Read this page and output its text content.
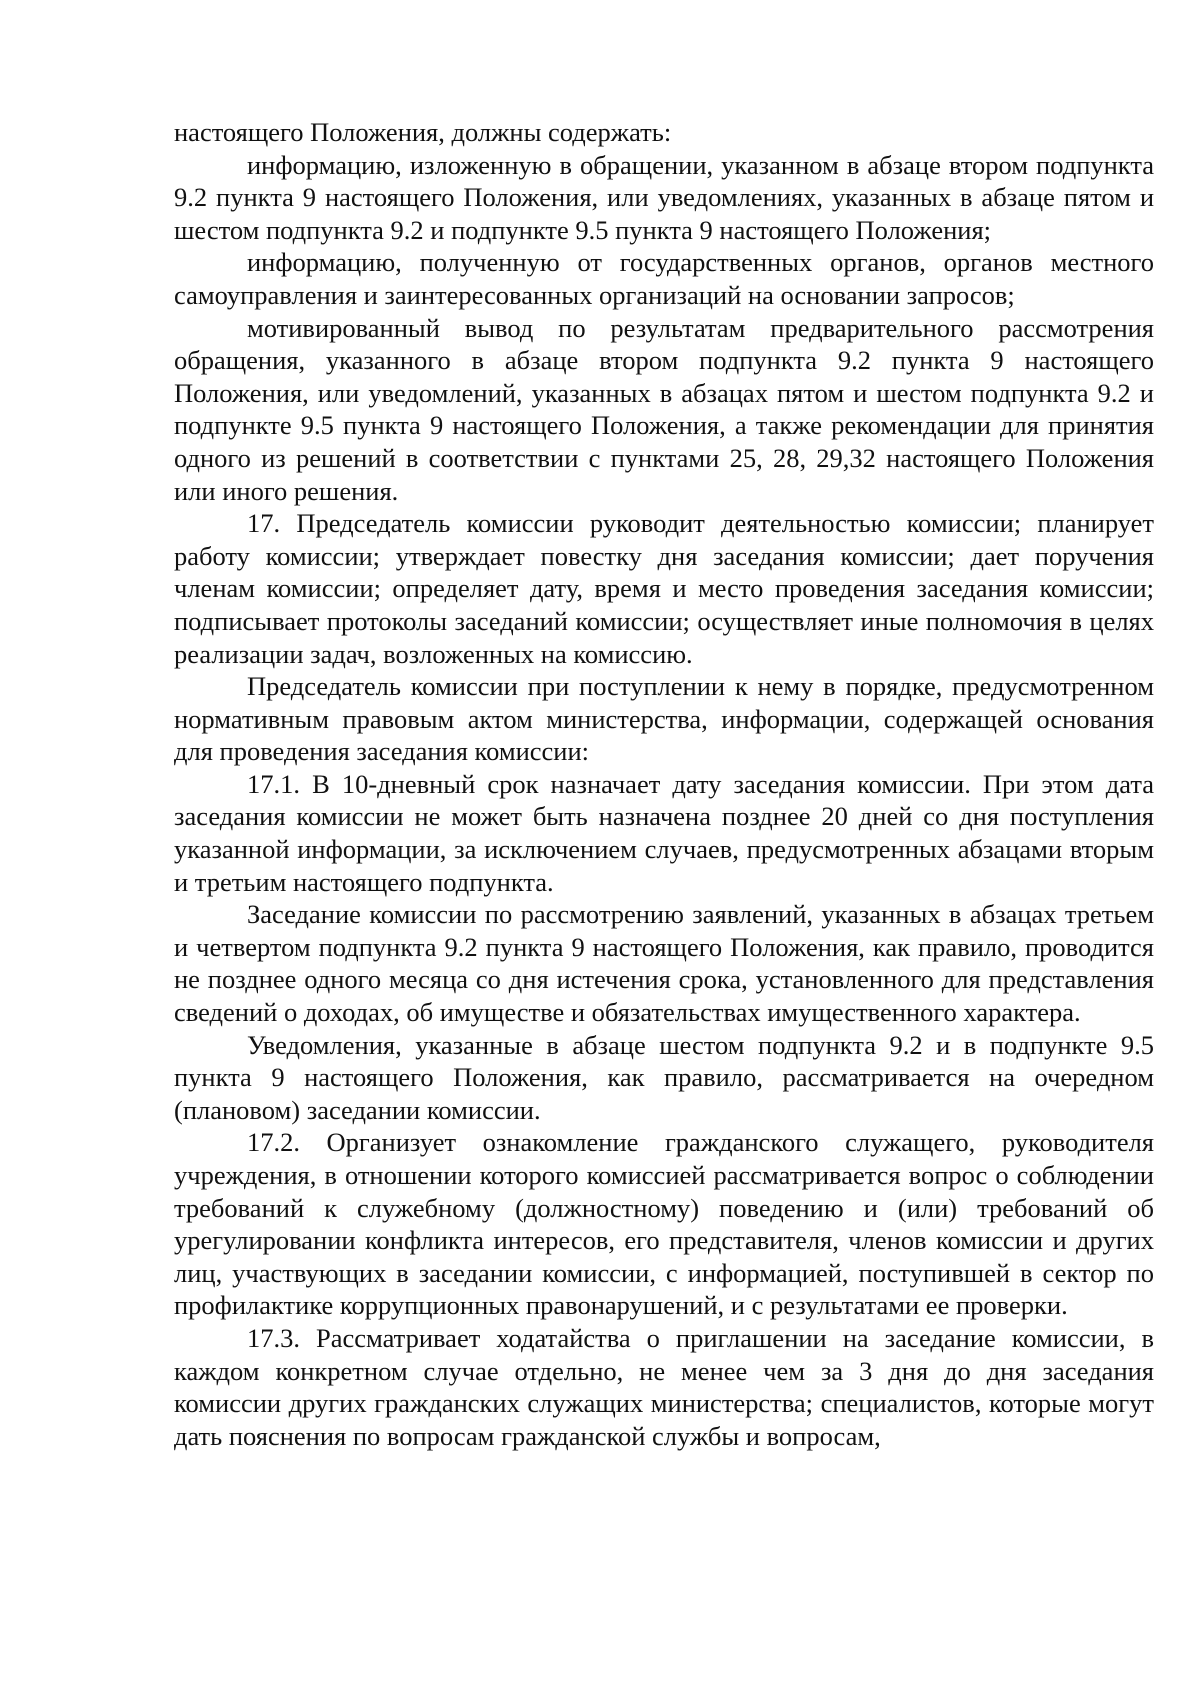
настоящего Положения, должны содержать:

информацию, изложенную в обращении, указанном в абзаце втором подпункта 9.2 пункта 9 настоящего Положения, или уведомлениях, указанных в абзаце пятом и шестом подпункта 9.2 и подпункте 9.5 пункта 9 настоящего Положения;

информацию, полученную от государственных органов, органов местного самоуправления и заинтересованных организаций на основании запросов;

мотивированный вывод по результатам предварительного рассмотрения обращения, указанного в абзаце втором подпункта 9.2 пункта 9 настоящего Положения, или уведомлений, указанных в абзацах пятом и шестом подпункта 9.2 и подпункте 9.5 пункта 9 настоящего Положения, а также рекомендации для принятия одного из решений в соответствии с пунктами 25, 28, 29,32 настоящего Положения или иного решения.

17. Председатель комиссии руководит деятельностью комиссии; планирует работу комиссии; утверждает повестку дня заседания комиссии; дает поручения членам комиссии; определяет дату, время и место проведения заседания комиссии; подписывает протоколы заседаний комиссии; осуществляет иные полномочия в целях реализации задач, возложенных на комиссию.

Председатель комиссии при поступлении к нему в порядке, предусмотренном нормативным правовым актом министерства, информации, содержащей основания для проведения заседания комиссии:

17.1. В 10-дневный срок назначает дату заседания комиссии. При этом дата заседания комиссии не может быть назначена позднее 20 дней со дня поступления указанной информации, за исключением случаев, предусмотренных абзацами вторым и третьим настоящего подпункта.

Заседание комиссии по рассмотрению заявлений, указанных в абзацах третьем и четвертом подпункта 9.2 пункта 9 настоящего Положения, как правило, проводится не позднее одного месяца со дня истечения срока, установленного для представления сведений о доходах, об имуществе и обязательствах имущественного характера.

Уведомления, указанные в абзаце шестом подпункта 9.2 и в подпункте 9.5 пункта 9 настоящего Положения, как правило, рассматривается на очередном (плановом) заседании комиссии.

17.2. Организует ознакомление гражданского служащего, руководителя учреждения, в отношении которого комиссией рассматривается вопрос о соблюдении требований к служебному (должностному) поведению и (или) требований об урегулировании конфликта интересов, его представителя, членов комиссии и других лиц, участвующих в заседании комиссии, с информацией, поступившей в сектор по профилактике коррупционных правонарушений, и с результатами ее проверки.

17.3. Рассматривает ходатайства о приглашении на заседание комиссии, в каждом конкретном случае отдельно, не менее чем за 3 дня до дня заседания комиссии других гражданских служащих министерства; специалистов, которые могут дать пояснения по вопросам гражданской службы и вопросам,
